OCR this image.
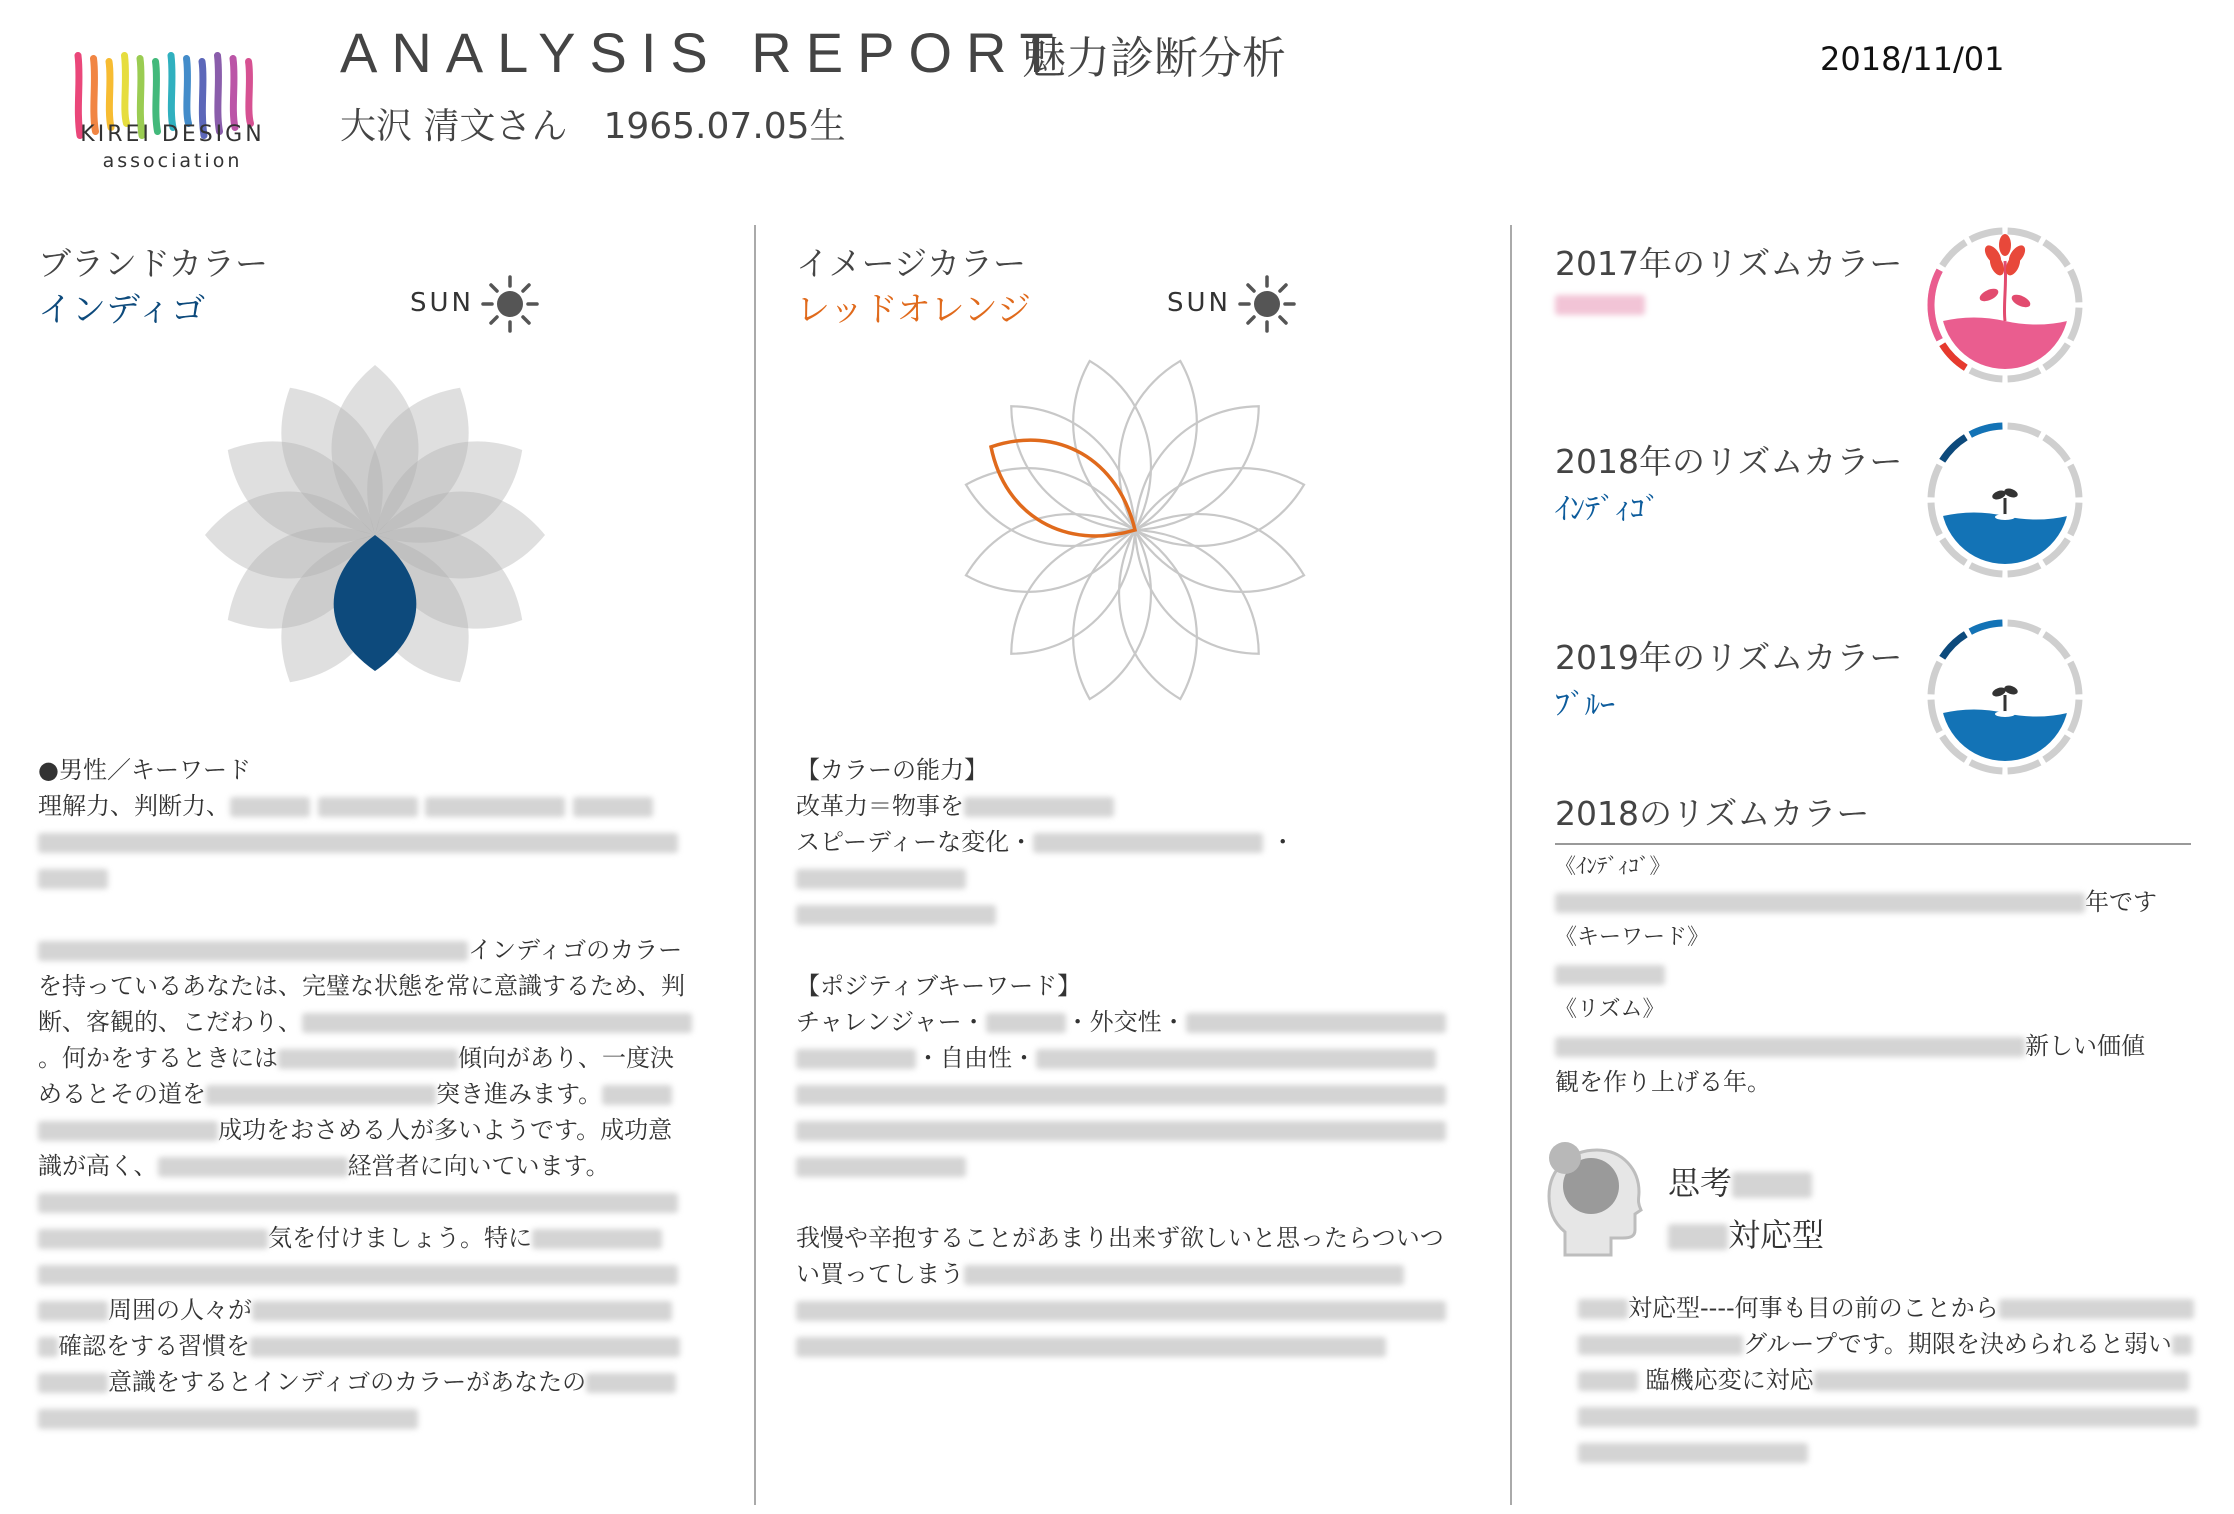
KIREI DESIGN
association
ANALYSIS REPORT
魅力診断分析
大沢 清文さん　1965.07.05生
2018/11/01
ブランドカラー
インディゴ	SUN
●男性／キーワード
理解力、判断力、
インディゴのカラー
を持っているあなたは、完璧な状態を常に意識するため、判
断、客観的、こだわり、
。何かをするときには	傾向があり、一度決
めるとその道を	突き進みます。
成功をおさめる人が多いようです。成功意
識が高く、	経営者に向いています。
気を付けましょう。特に
周囲の人々が
確認をする習慣を
意識をするとインディゴのカラーがあなたの
イメージカラー
レッドオレンジ	SUN
【カラーの能力】
改革力＝物事を
スピーディーな変化・	・
【ポジティブキーワード】
チャレンジャー・	・外交性・
・自由性・
我慢や辛抱することがあまり出来ず欲しいと思ったらついつ
い買ってしまう
2017年のリズムカラー
2018年のリズムカラー
ｲﾝﾃﾞｨｺﾞ
2019年のリズムカラー
ﾌﾞﾙｰ
2018のリズムカラー
《ｲﾝﾃﾞｨｺﾞ》
年です
《キーワード》
《リズム》
新しい価値
観を作り上げる年。
思考
対応型
対応型----何事も目の前のことから
グループです。期限を決められると弱い
臨機応変に対応
